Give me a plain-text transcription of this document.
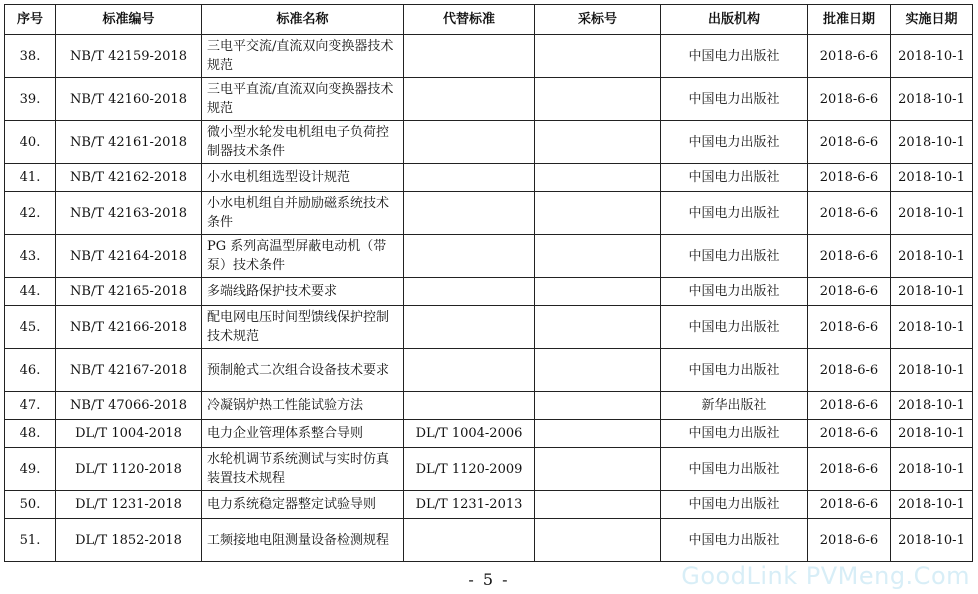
序号	标准编号	标准名称	代替标准	采标号	出版机构	批准日期	实施日期
38.	NB/T 42159-2018	三电平交流/直流双向变换器技术规范			中国电力出版社	2018-6-6	2018-10-1
39.	NB/T 42160-2018	三电平直流/直流双向变换器技术规范			中国电力出版社	2018-6-6	2018-10-1
40.	NB/T 42161-2018	微小型水轮发电机组电子负荷控制器技术条件			中国电力出版社	2018-6-6	2018-10-1
41.	NB/T 42162-2018	小水电机组选型设计规范			中国电力出版社	2018-6-6	2018-10-1
42.	NB/T 42163-2018	小水电机组自并励励磁系统技术条件			中国电力出版社	2018-6-6	2018-10-1
43.	NB/T 42164-2018	PG 系列高温型屏蔽电动机（带泵）技术条件			中国电力出版社	2018-6-6	2018-10-1
44.	NB/T 42165-2018	多端线路保护技术要求			中国电力出版社	2018-6-6	2018-10-1
45.	NB/T 42166-2018	配电网电压时间型馈线保护控制技术规范			中国电力出版社	2018-6-6	2018-10-1
46.	NB/T 42167-2018	预制舱式二次组合设备技术要求			中国电力出版社	2018-6-6	2018-10-1
47.	NB/T 47066-2018	冷凝锅炉热工性能试验方法			新华出版社	2018-6-6	2018-10-1
48.	DL/T 1004-2018	电力企业管理体系整合导则	DL/T 1004-2006		中国电力出版社	2018-6-6	2018-10-1
49.	DL/T 1120-2018	水轮机调节系统测试与实时仿真装置技术规程	DL/T 1120-2009		中国电力出版社	2018-6-6	2018-10-1
50.	DL/T 1231-2018	电力系统稳定器整定试验导则	DL/T 1231-2013		中国电力出版社	2018-6-6	2018-10-1
51.	DL/T 1852-2018	工频接地电阻测量设备检测规程			中国电力出版社	2018-6-6	2018-10-1
- 5 -	GoodLink PVMeng.Com
